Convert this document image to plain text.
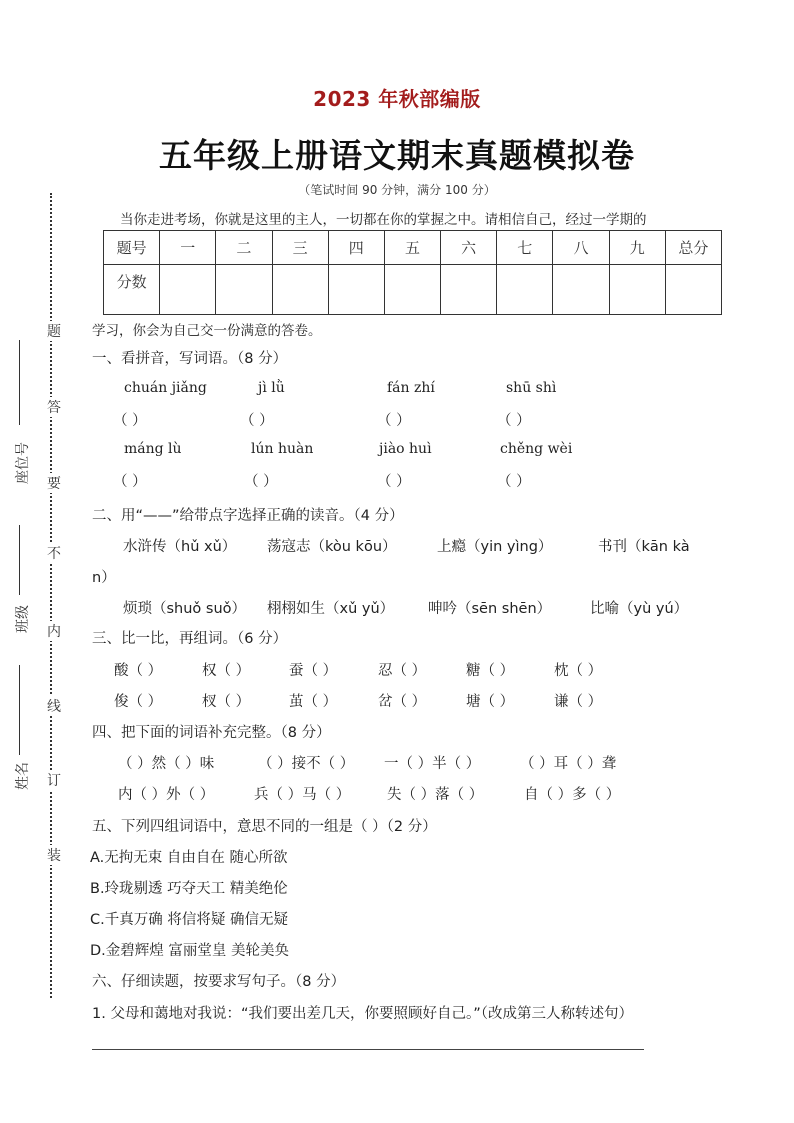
题
答
要
不
内
线
订
装
座位号
班级
姓名
2023 年秋部编版
五年级上册语文期末真题模拟卷
（笔试时间 90 分钟，满分 100 分）
当你走进考场，你就是这里的主人，一切都在你的掌握之中。请相信自己，经过一学期的
题号	一	二	三	四	五	六	七	八	九	总分
分数										
学习，你会为自己交一份满意的答卷。
一、看拼音，写词语。（8 分）
chuán jiǎng	jì lǜ	fán zhí	shū shì
（ ）	（ ）	（ ）	（ ）
máng lù	lún huàn	jiào huì	chěng wèi
（ ）	（ ）	（ ）	（ ）
二、用“——”给带点字选择正确的读音。（4 分）
水浒传（hǔ xǔ） 荡寇志（kòu kōu）	上瘾（yin yìng）	书刊（kān kà
n）
烦琐（shuǒ suǒ） 栩栩如生（xǔ yǔ） 呻吟（sēn shēn）	比喻（yù yú）
三、比一比，再组词。（6 分）
酸（ ）	权（ ）	蚕（ ）	忍（ ）	糖（ ）	枕（ ）
俊（ ）	杈（ ）	茧（ ）	岔（ ）	塘（ ）	谦（ ）
四、把下面的词语补充完整。（8 分）
（ ）然（ ）味	（ ）接不（ ） 一（ ）半（ ）	（ ）耳（ ）聋
内（ ）外（ ）	兵（ ）马（ ）	失（ ）落（ ）	自（ ）多（ ）
五、下列四组词语中，意思不同的一组是（ ）（2 分）
A.无拘无束 自由自在 随心所欲
B.玲珑剔透 巧夺天工 精美绝伦
C.千真万确 将信将疑 确信无疑
D.金碧辉煌 富丽堂皇 美轮美奂
六、仔细读题，按要求写句子。（8 分）
1. 父母和蔼地对我说：“我们要出差几天，你要照顾好自己。”（改成第三人称转述句）
